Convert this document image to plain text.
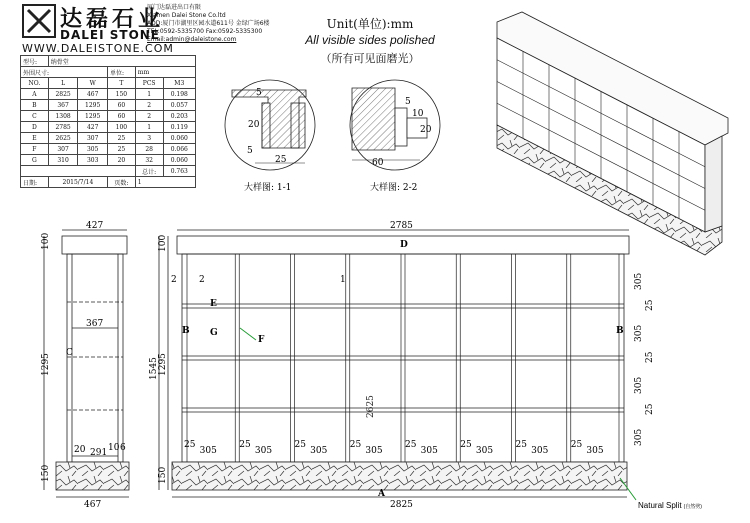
达磊石业
DALEI STONE
WWW.DALEISTONE.COM
厦门达磊进出口有限
Xiamen Dalei Stone Co.ltd
ADD:厦门市湖里区园水道611号 金绿广场6楼
TEL:0592-5335700 Fax:0592-5335300
Email:admin@daleistone.com
Unit(单位):mm
All visible sides polished
（所有可见面磨光）
型号:	纳骨堂				
外围尺寸:			单位:	mm	
NO.	L	W	T	PCS	M3
A	2825	467	150	1	0.198
B	367	1295	60	2	0.057
C	1308	1295	60	2	0.203
D	2785	427	100	1	0.119
E	2625	307	25	3	0.060
F	307	305	25	28	0.066
G	310	303	20	32	0.060
				总计:	0.763
日期:	2015/7/14		页数:	1	
5
20
5
25
大样图: 1-1
5
10
20
60
大样图: 2-2
427
367
291
467
C
20	10 6
1295
100
150
2785
2825
1295
1545
100
150
2625
A
B	B
D
E
F
G
2 2	1
Natural Split (自然劈)
305
25
305
25
305
25
305
25
305
25
305
25
305
25
305
25
305
305
25
305
25
305
25
